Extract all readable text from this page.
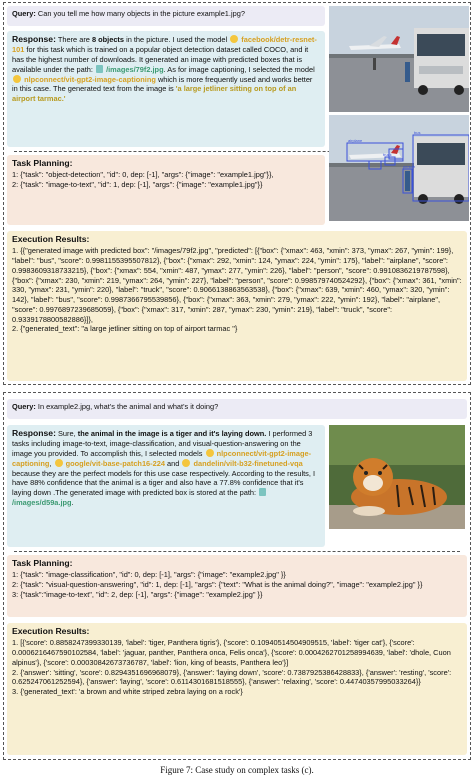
Query: Can you tell me how many objects in the picture example1.jpg?
Response: There are 8 objects in the picture. I used the model facebook/detr-resnet-101 for this task which is trained on a popular object detection dataset called COCO, and it has the highest number of downloads. It generated an image with predicted boxes that is available under the path: /images/79f2.jpg. As for image captioning, I selected the model  nlpconnect/vit-gpt2-image-captioning which is more frequently used and works better in this case. The generated text from the image is 'a large jetliner sitting on top of an airport tarmac.'
Task Planning:
1: {"task": "object-detection", "id": 0, dep: [-1], "args": {"image": "example1.jpg"}},
2: {"task": "image-to-text", "id": 1, dep: [-1], "args": {"image": "example1.jpg"}}
Execution Results:
1. {{"generated image with predicted box": "/images/79f2.jpg", "predicted": [{"box": {"xmax": 463, "xmin": 373, "ymax": 267, "ymin": 199}, "label": "bus", "score": 0.9981155395507812}, {"box": {"xmax": 292, "xmin": 124, "ymax": 224, "ymin": 175}, "label": "airplane", "score": 0.9983609318733215}, {"box": {"xmax": 554, "xmin": 487, "ymax": 277, "ymin": 226}, "label": "person", "score": 0.9910836219787598}, {"box": {"xmax": 230, "xmin": 219, "ymax": 264, "ymin": 227}, "label": "person", "score": 0.998579740524292}, {"box": {"xmax": 361, "xmin": 330, "ymax": 231, "ymin": 220}, "label": "truck", "score": 0.9066138863563538}, {"box": {"xmax": 639, "xmin": 460, "ymax": 320, "ymin": 142}, "label": "bus", "score": 0.9987366795539856}, {"box": {"xmax": 363, "xmin": 279, "ymax": 222, "ymin": 192}, "label": "airplane", "score": 0.9976897239685059}, {"box": {"xmax": 317, "xmin": 287, "ymax": 230, "ymin": 219}, "label": "truck", "score": 0.9339178800582886}]},
2. {"generated_text": "a large jetliner sitting on top of airport tarmac "}
airplane
bus
person
truck
Query: In example2.jpg, what's the animal and what's it doing?
Response: Sure, the animal in the image is a tiger and it's laying down. I performed 3 tasks including image-to-text, image-classification, and visual-question-answering on the image you provided. To accomplish this, I selected models nlpconnect/vit-gpt2-image-captioning, google/vit-base-patch16-224 and dandelin/vilt-b32-finetuned-vqa because they are the perfect models for this use case respectively. According to the results, I have 88% confidence that the animal is a tiger and also have a 77.8% confidence that it's laying down .The generated image with predicted box is stored at the path:  /images/d59a.jpg.
Task Planning:
1: {"task": "image-classification", "id": 0, dep: [-1], "args": {"image": "example2.jpg" }}
2: {"task": "visual-question-answering", "id": 1, dep: [-1], "args": {"text": "What is the animal doing?", "image": "example2.jpg" }}
3: {"task":"image-to-text", "id": 2, dep: [-1], "args": {"image": "example2.jpg" }}
Execution Results:
1. [{'score': 0.8858247399330139, 'label': 'tiger, Panthera tigris'}, {'score': 0.10940514504909515, 'label': 'tiger cat'}, {'score': 0.0006216467590102584, 'label': 'jaguar, panther, Panthera onca, Felis onca'}, {'score': 0.0004262701258994639, 'label': 'dhole, Cuon alpinus'}, {'score': 0.00030842673736787, 'label': 'lion, king of beasts, Panthera leo'}]
2. {'answer': 'sitting', 'score': 0.8294351696968079}, {'answer': 'laying down', 'score': 0.7387925386428833}, {'answer': 'resting', 'score': 0.625247061252594}, {'answer': 'laying', 'score': 0.6114301681518555}, {'answer': 'relaxing', 'score': 0.44740357995033264}}
3. {'generated_text': 'a brown and white striped zebra laying on a rock'}
Figure 7: Case study on complex tasks (c).
